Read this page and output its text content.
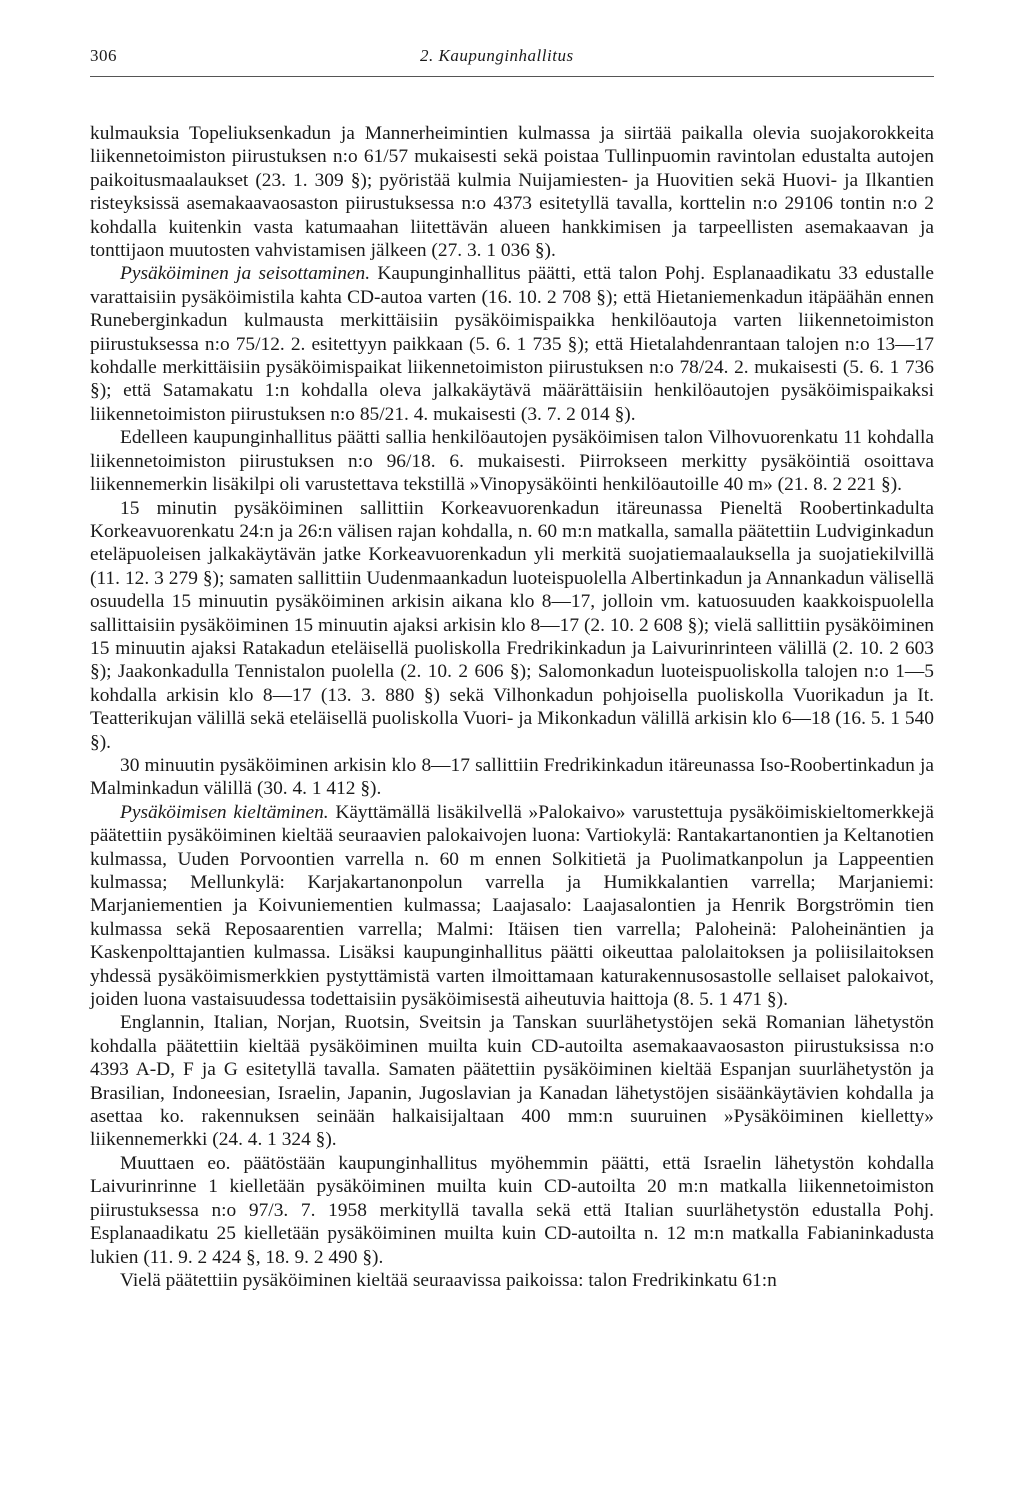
306	2. Kaupunginhallitus

kulmauksia Topeliuksenkadun ja Mannerheimintien kulmassa ja siirtää paikalla olevia suojakorokkeita liikennetoimiston piirustuksen n:o 61/57 mukaisesti sekä poistaa Tullinpuomin ravintolan edustalta autojen paikoitusmaalaukset (23. 1. 309 §); pyöristää kulmia Nuijamiesten- ja Huovitien sekä Huovi- ja Ilkantien risteyksissä asemakaavaosaston piirustuksessa n:o 4373 esitetyllä tavalla, korttelin n:o 29106 tontin n:o 2 kohdalla kuitenkin vasta katumaahan liitettävän alueen hankkimisen ja tarpeellisten asemakaavan ja tonttijaon muutosten vahvistamisen jälkeen (27. 3. 1 036 §).

Pysäköiminen ja seisottaminen. Kaupunginhallitus päätti, että talon Pohj. Esplanaadikatu 33 edustalle varattaisiin pysäköimistila kahta CD-autoa varten (16. 10. 2 708 §); että Hietaniemenkadun itäpäähän ennen Runeberginkadun kulmausta merkittäisiin pysäköimispaikka henkilöautoja varten liikennetoimiston piirustuksessa n:o 75/12. 2. esitettyyn paikkaan (5. 6. 1 735 §); että Hietalahdenrantaan talojen n:o 13—17 kohdalle merkittäisiin pysäköimispaikat liikennetoimiston piirustuksen n:o 78/24. 2. mukaisesti (5. 6. 1 736 §); että Satamakatu 1:n kohdalla oleva jalkakäytävä määrättäisiin henkilöautojen pysäköimispaikaksi liikennetoimiston piirustuksen n:o 85/21. 4. mukaisesti (3. 7. 2 014 §).

Edelleen kaupunginhallitus päätti sallia henkilöautojen pysäköimisen talon Vilhovuorenkatu 11 kohdalla liikennetoimiston piirustuksen n:o 96/18. 6. mukaisesti. Piirrokseen merkitty pysäköintiä osoittava liikennemerkin lisäkilpi oli varustettava tekstillä »Vinopysäköinti henkilöautoille 40 m» (21. 8. 2 221 §).

15 minutin pysäköiminen sallittiin Korkeavuorenkadun itäreunassa Pieneltä Roobertinkadulta Korkeavuorenkatu 24:n ja 26:n välisen rajan kohdalla, n. 60 m:n matkalla, samalla päätettiin Ludviginkadun eteläpuoleisen jalkakäytävän jatke Korkeavuorenkadun yli merkitä suojatiemaalauksella ja suojatiekilvillä (11. 12. 3 279 §); samaten sallittiin Uudenmaankadun luoteispuolella Albertinkadun ja Annankadun välisellä osuudella 15 minuutin pysäköiminen arkisin aikana klo 8—17, jolloin vm. katuosuuden kaakkoispuolella sallittaisiin pysäköiminen 15 minuutin ajaksi arkisin klo 8—17 (2. 10. 2 608 §); vielä sallittiin pysäköiminen 15 minuutin ajaksi Ratakadun eteläisellä puoliskolla Fredrikinkadun ja Laivurinrinteen välillä (2. 10. 2 603 §); Jaakonkadulla Tennistalon puolella (2. 10. 2 606 §); Salomonkadun luoteispuoliskolla talojen n:o 1—5 kohdalla arkisin klo 8—17 (13. 3. 880 §) sekä Vilhonkadun pohjoisella puoliskolla Vuorikadun ja It. Teatterikujan välillä sekä eteläisellä puoliskolla Vuori- ja Mikonkadun välillä arkisin klo 6—18 (16. 5. 1 540 §).

30 minuutin pysäköiminen arkisin klo 8—17 sallittiin Fredrikinkadun itäreunassa Iso-Roobertinkadun ja Malminkadun välillä (30. 4. 1 412 §).

Pysäköimisen kieltäminen. Käyttämällä lisäkilvellä »Palokaivo» varustettuja pysäköimiskieltomerkkejä päätettiin pysäköiminen kieltää seuraavien palokaivojen luona: Vartiokylä: Rantakartanontien ja Keltanotien kulmassa, Uuden Porvoontien varrella n. 60 m ennen Solkitietä ja Puolimatkanpolun ja Lappeentien kulmassa; Mellunkylä: Karjakartanonpolun varrella ja Humikkalantien varrella; Marjaniemi: Marjaniementien ja Koivuniementien kulmassa; Laajasalo: Laajasalontien ja Henrik Borgströmin tien kulmassa sekä Reposaarentien varrella; Malmi: Itäisen tien varrella; Paloheinä: Paloheinäntien ja Kaskenpolttajantien kulmassa. Lisäksi kaupunginhallitus päätti oikeuttaa palolaitoksen ja poliisilaitoksen yhdessä pysäköimismerkkien pystyttämistä varten ilmoittamaan katurakennusosastolle sellaiset palokaivot, joiden luona vastaisuudessa todettaisiin pysäköimisestä aiheutuvia haittoja (8. 5. 1 471 §).

Englannin, Italian, Norjan, Ruotsin, Sveitsin ja Tanskan suurlähetystöjen sekä Romanian lähetystön kohdalla päätettiin kieltää pysäköiminen muilta kuin CD-autoilta asemakaavaosaston piirustuksissa n:o 4393 A-D, F ja G esitetyllä tavalla. Samaten päätettiin pysäköiminen kieltää Espanjan suurlähetystön ja Brasilian, Indoneesian, Israelin, Japanin, Jugoslavian ja Kanadan lähetystöjen sisäänkäytävien kohdalla ja asettaa ko. rakennuksen seinään halkaisijaltaan 400 mm:n suuruinen »Pysäköiminen kielletty» liikennemerkki (24. 4. 1 324 §).

Muuttaen eo. päätöstään kaupunginhallitus myöhemmin päätti, että Israelin lähetystön kohdalla Laivurinrinne 1 kielletään pysäköiminen muilta kuin CD-autoilta 20 m:n matkalla liikennetoimiston piirustuksessa n:o 97/3. 7. 1958 merkityllä tavalla sekä että Italian suurlähetystön edustalla Pohj. Esplanaadikatu 25 kielletään pysäköiminen muilta kuin CD-autoilta n. 12 m:n matkalla Fabianinkadusta lukien (11. 9. 2 424 §, 18. 9. 2 490 §).

Vielä päätettiin pysäköiminen kieltää seuraavissa paikoissa: talon Fredrikinkatu 61:n
